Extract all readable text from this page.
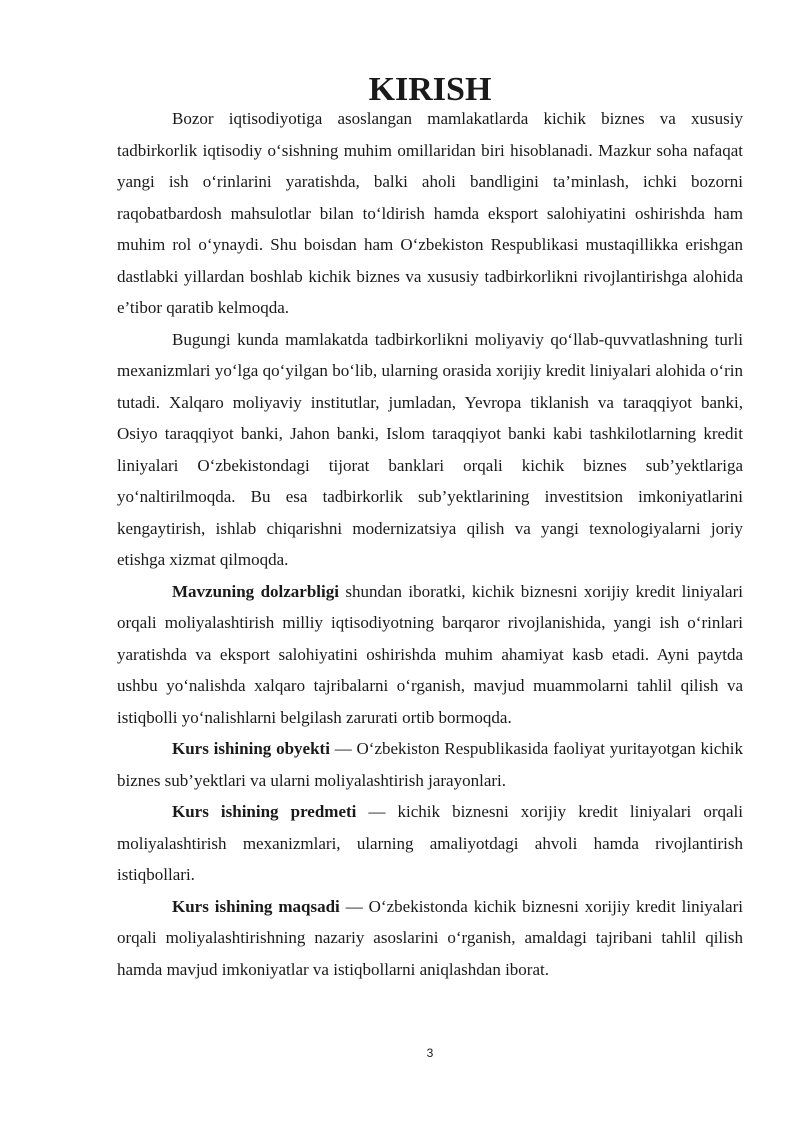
KIRISH

Bozor iqtisodiyotiga asoslangan mamlakatlarda kichik biznes va xususiy tadbirkorlik iqtisodiy o‘sishning muhim omillaridan biri hisoblanadi. Mazkur soha nafaqat yangi ish o‘rinlarini yaratishda, balki aholi bandligini ta’minlash, ichki bozorni raqobatbardosh mahsulotlar bilan to‘ldirish hamda eksport salohiyatini oshirishda ham muhim rol o‘ynaydi. Shu boisdan ham O‘zbekiston Respublikasi mustaqillikka erishgan dastlabki yillardan boshlab kichik biznes va xususiy tadbirkorlikni rivojlantirishga alohida e’tibor qaratib kelmoqda.

Bugungi kunda mamlakatda tadbirkorlikni moliyaviy qo‘llab-quvvatlashning turli mexanizmlari yo‘lga qo‘yilgan bo‘lib, ularning orasida xorijiy kredit liniyalari alohida o‘rin tutadi. Xalqaro moliyaviy institutlar, jumladan, Yevropa tiklanish va taraqqiyot banki, Osiyo taraqqiyot banki, Jahon banki, Islom taraqqiyot banki kabi tashkilotlarning kredit liniyalari O‘zbekistondagi tijorat banklari orqali kichik biznes sub’yektlariga yo‘naltirilmoqda. Bu esa tadbirkorlik sub’yektlarining investitsion imkoniyatlarini kengaytirish, ishlab chiqarishni modernizatsiya qilish va yangi texnologiyalarni joriy etishga xizmat qilmoqda.

Mavzuning dolzarbligi shundan iboratki, kichik biznesni xorijiy kredit liniyalari orqali moliyalashtirish milliy iqtisodiyotning barqaror rivojlanishida, yangi ish o‘rinlari yaratishda va eksport salohiyatini oshirishda muhim ahamiyat kasb etadi. Ayni paytda ushbu yo‘nalishda xalqaro tajribalarni o‘rganish, mavjud muammolarni tahlil qilish va istiqbolli yo‘nalishlarni belgilash zarurati ortib bormoqda.

Kurs ishining obyekti — O‘zbekiston Respublikasida faoliyat yuritayotgan kichik biznes sub’yektlari va ularni moliyalashtirish jarayonlari.

Kurs ishining predmeti — kichik biznesni xorijiy kredit liniyalari orqali moliyalashtirish mexanizmlari, ularning amaliyotdagi ahvoli hamda rivojlantirish istiqbollari.

Kurs ishining maqsadi — O‘zbekistonda kichik biznesni xorijiy kredit liniyalari orqali moliyalashtirishning nazariy asoslarini o‘rganish, amaldagi tajribani tahlil qilish hamda mavjud imkoniyatlar va istiqbollarni aniqlashdan iborat.

3
